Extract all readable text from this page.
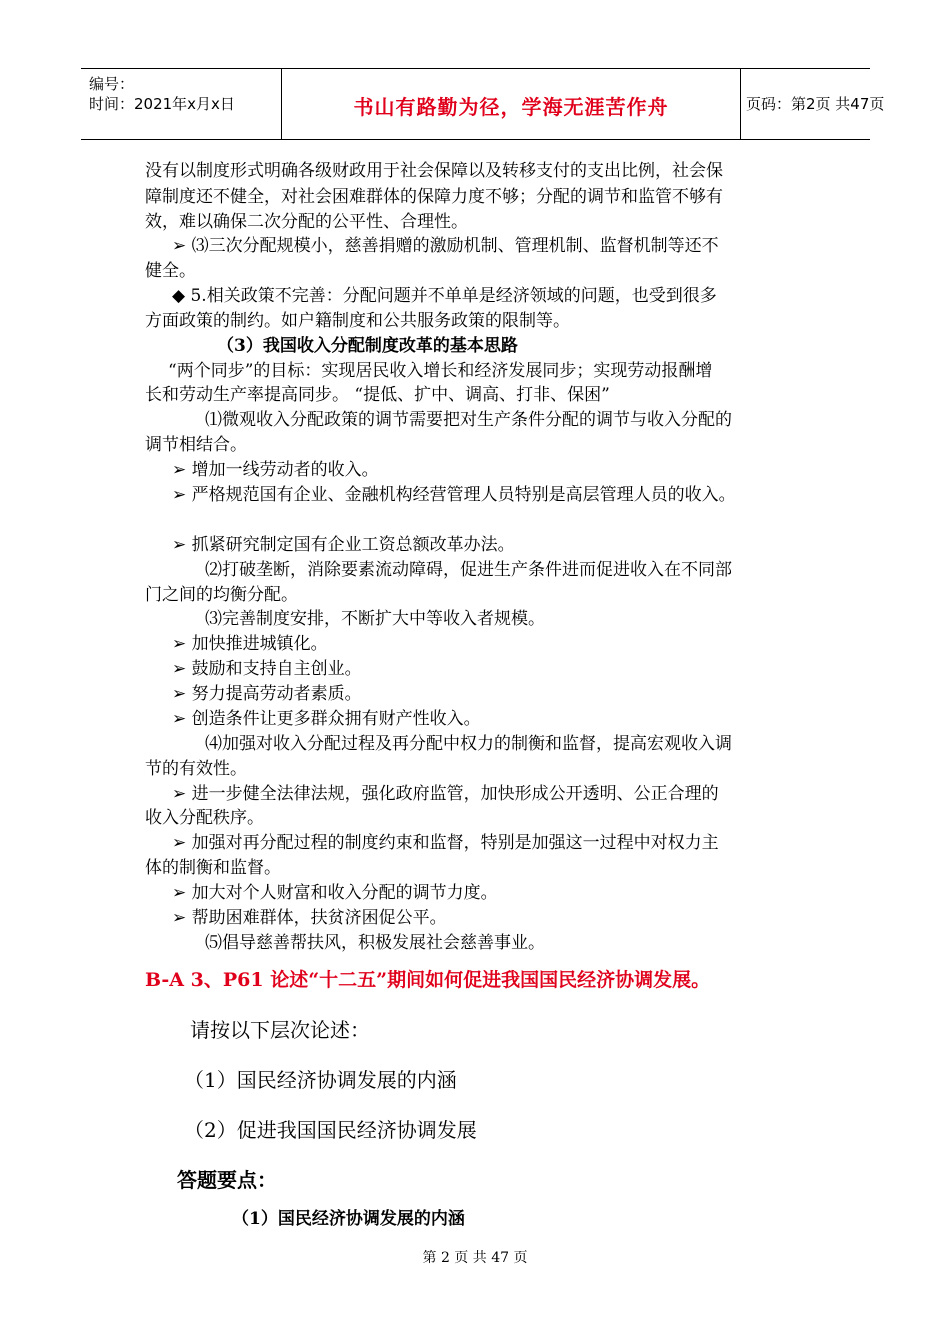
编号：
时间：2021年x月x日	书山有路勤为径，学海无涯苦作舟	页码：第2页 共47页
没有以制度形式明确各级财政用于社会保障以及转移支付的支出比例，社会保
障制度还不健全，对社会困难群体的保障力度不够；分配的调节和监管不够有
效，难以确保二次分配的公平性、合理性。
➢ ⑶三次分配规模小，慈善捐赠的激励机制、管理机制、监督机制等还不
健全。
◆ 5.相关政策不完善：分配问题并不单单是经济领域的问题，也受到很多
方面政策的制约。如户籍制度和公共服务政策的限制等。
（3）我国收入分配制度改革的基本思路
“两个同步”的目标：实现居民收入增长和经济发展同步；实现劳动报酬增
长和劳动生产率提高同步。 “提低、扩中、调高、打非、保困”
⑴微观收入分配政策的调节需要把对生产条件分配的调节与收入分配的
调节相结合。
➢ 增加一线劳动者的收入。
➢ 严格规范国有企业、金融机构经营管理人员特别是高层管理人员的收入。
➢ 抓紧研究制定国有企业工资总额改革办法。
⑵打破垄断，消除要素流动障碍，促进生产条件进而促进收入在不同部
门之间的均衡分配。
⑶完善制度安排，不断扩大中等收入者规模。
➢ 加快推进城镇化。
➢ 鼓励和支持自主创业。
➢ 努力提高劳动者素质。
➢ 创造条件让更多群众拥有财产性收入。
⑷加强对收入分配过程及再分配中权力的制衡和监督，提高宏观收入调
节的有效性。
➢ 进一步健全法律法规，强化政府监管，加快形成公开透明、公正合理的
收入分配秩序。
➢ 加强对再分配过程的制度约束和监督，特别是加强这一过程中对权力主
体的制衡和监督。
➢ 加大对个人财富和收入分配的调节力度。
➢ 帮助困难群体，扶贫济困促公平。
⑸倡导慈善帮扶风，积极发展社会慈善事业。
B-A 3、P61 论述“十二五”期间如何促进我国国民经济协调发展。
请按以下层次论述：
（1）国民经济协调发展的内涵
（2）促进我国国民经济协调发展
答题要点：
（1）国民经济协调发展的内涵
第 2 页 共 47 页
